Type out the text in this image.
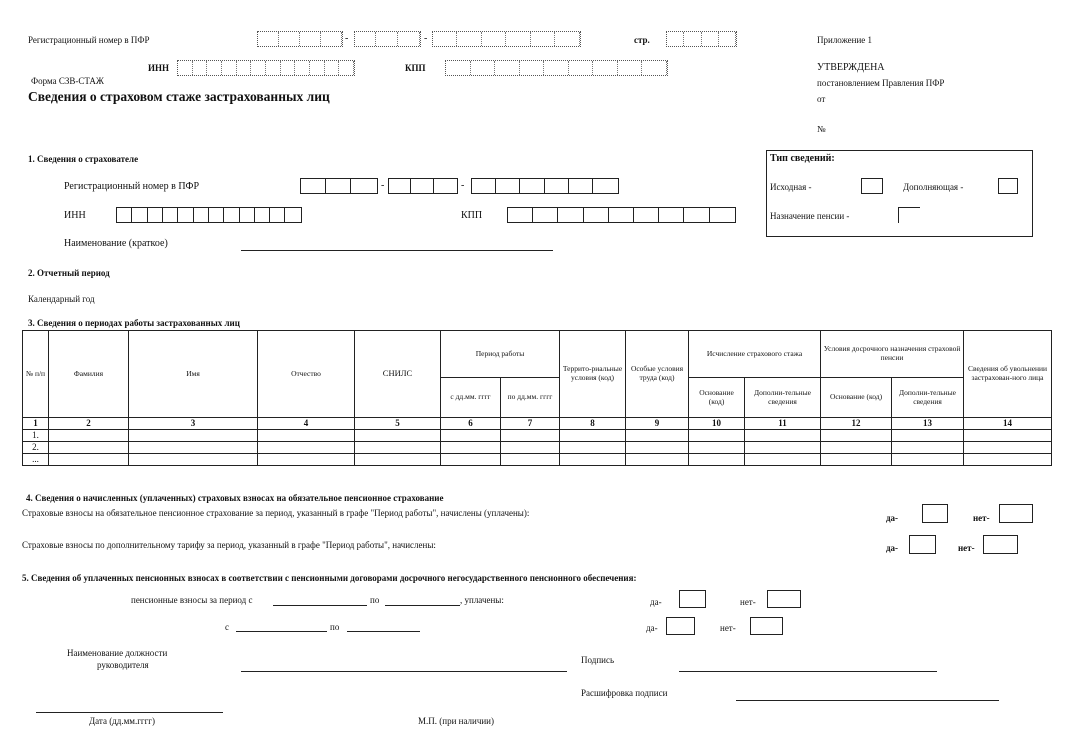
Регистрационный номер в ПФР	-	-	стр.
ИНН	КПП
Форма СЗВ-СТАЖ
Сведения о страховом стаже застрахованных лиц
Приложение 1
УТВЕРЖДЕНА
постановлением Правления ПФР
от
№
1. Сведения о страхователе
Регистрационный номер в ПФР	-	-
ИНН	КПП
Наименование (краткое)
Тип сведений:
Исходная -	Дополняющая -
Назначение пенсии -
2. Отчетный период
Календарный год
3. Сведения о периодах работы застрахованных лиц
№ п/п	Фамилия	Имя	Отчество	СНИЛС	Период работы		Террито-риальные условия (код)	Особые условия труда (код)	Исчисление страхового стажа		Условия досрочного назначения страховой пенсии		Сведения об увольнении застрахован-ного лица
					с дд.мм. гггг	по дд.мм. гггг			Основание (код)	Дополни-тельные сведения	Основание (код)	Дополни-тельные сведения	
1	2	3	4	5	6	7	8	9	10	11	12	13	14
1.													
2.													
...													
4. Сведения о начисленных (уплаченных) страховых взносах на обязательное пенсионное страхование
Страховые взносы на обязательное пенсионное страхование за период, указанный в графе "Период работы", начислены (уплачены):
Страховые взносы по дополнительному тарифу за период, указанный в графе "Период работы", начислены:
да-	нет-
да-	нет-
5. Сведения об уплаченных пенсионных взносах в соответствии с пенсионными договорами досрочного негосударственного пенсионного обеспечения:
пенсионные взносы за период с	по	, уплачены:	да-	нет-
с	по	да-	нет-
Наименование должности
руководителя	Подпись
Расшифровка подписи
Дата (дд.мм.гггг)	М.П. (при наличии)
